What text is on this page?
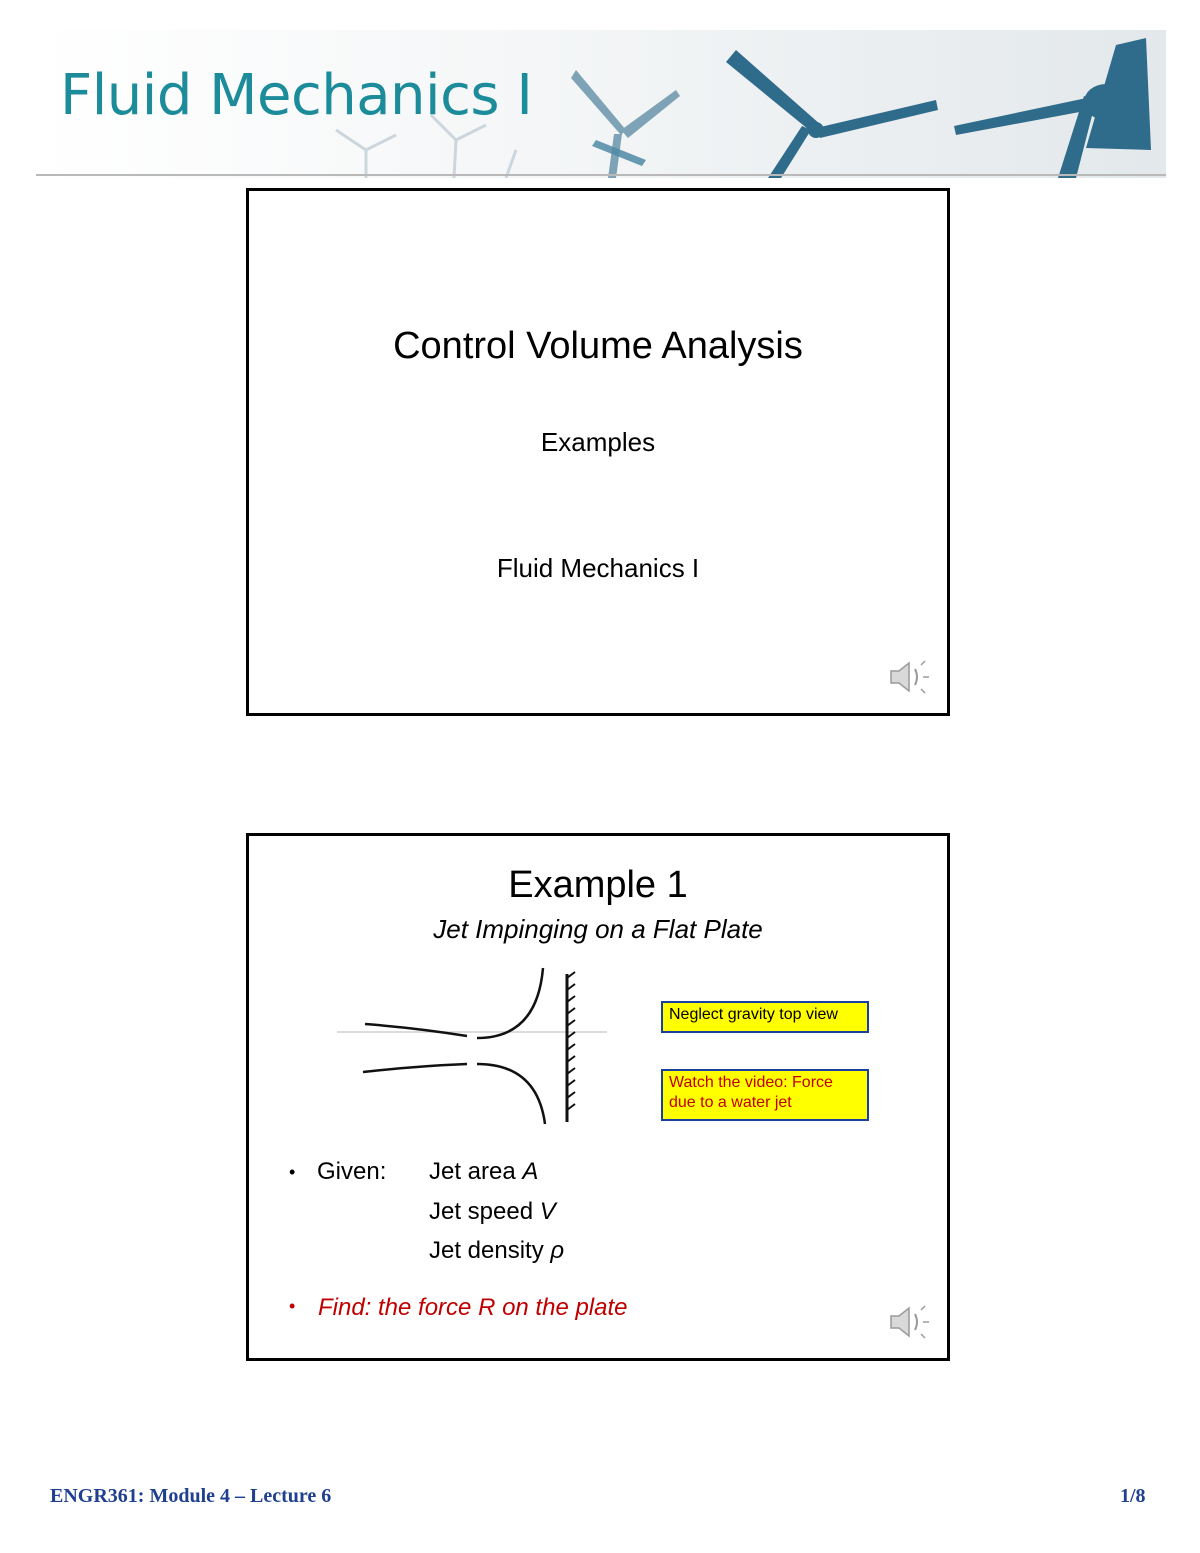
Fluid Mechanics I
Control Volume Analysis
Examples
Fluid Mechanics I
Example 1
Jet Impinging on a Flat Plate
Neglect gravity top view
Watch the video: Force
due to a water jet
• Given: Jet area A
Jet speed V
Jet density ρ
• Find: the force R on the plate
ENGR361: Module 4 – Lecture 6	1/8
